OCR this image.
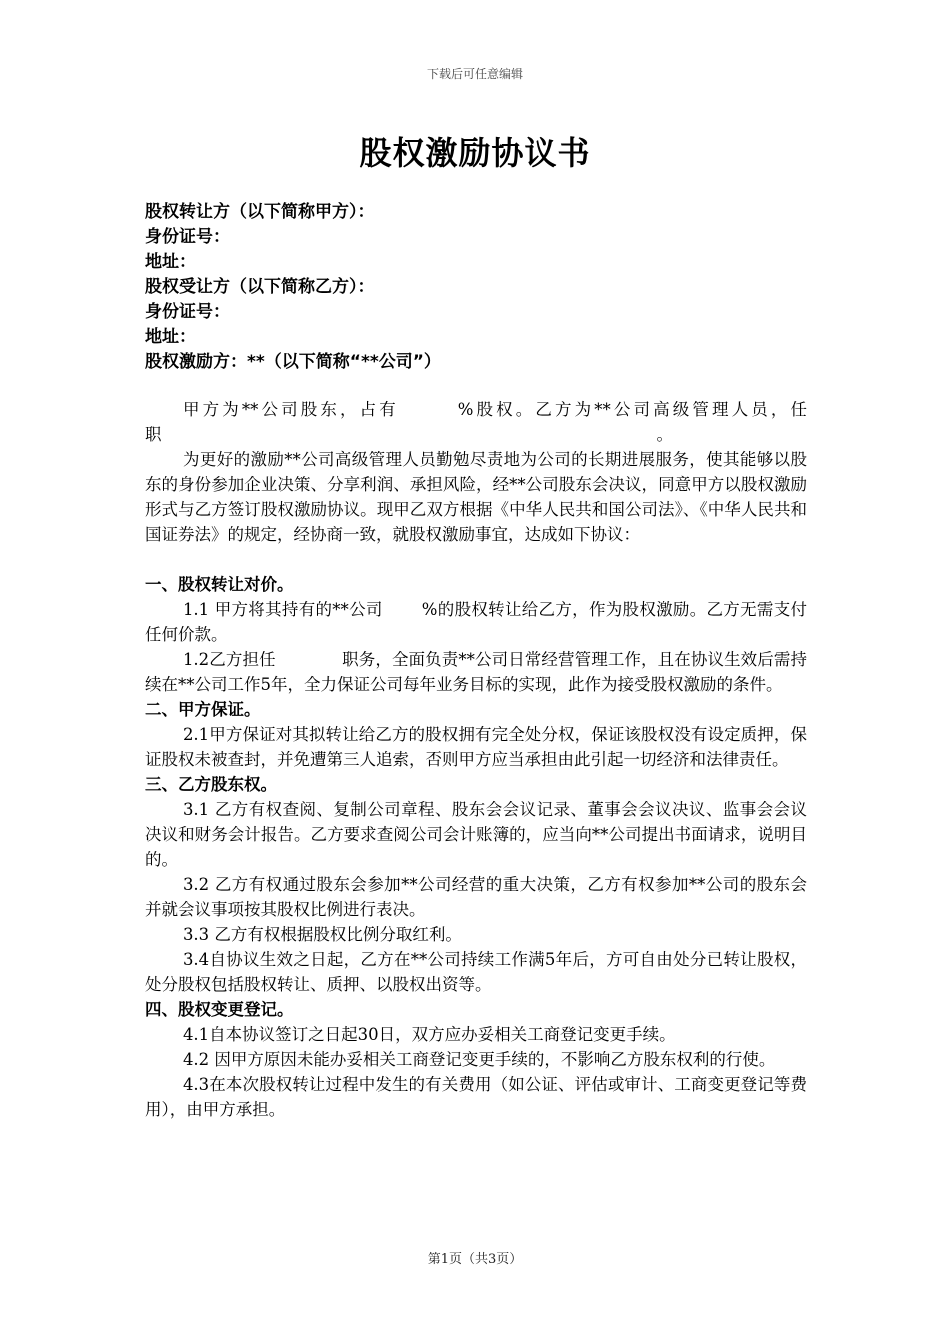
下载后可任意编辑
股权激励协议书
股权转让方（以下简称甲方）：
身份证号：
地址：
股权受让方（以下简称乙方）：
身份证号：
地址：
股权激励方：**（以下简称“**公司”）

甲方为**公司股东，占有　　　%股权。乙方为**公司高级管理人员，任职　　　　　　　　　　　　　　　　　　　　　　　　　　　　　　。

为更好的激励**公司高级管理人员勤勉尽责地为公司的长期进展服务，使其能够以股东的身份参加企业决策、分享利润、承担风险，经**公司股东会决议，同意甲方以股权激励形式与乙方签订股权激励协议。现甲乙双方根据《中华人民共和国公司法》、《中华人民共和国证券法》的规定，经协商一致，就股权激励事宜，达成如下协议：

一、股权转让对价。

1.1 甲方将其持有的**公司　　 %的股权转让给乙方，作为股权激励。乙方无需支付任何价款。

1.2乙方担任　　　　职务，全面负责**公司日常经营管理工作，且在协议生效后需持续在**公司工作5年，全力保证公司每年业务目标的实现，此作为接受股权激励的条件。

二、甲方保证。

2.1甲方保证对其拟转让给乙方的股权拥有完全处分权，保证该股权没有设定质押，保证股权未被查封，并免遭第三人追索，否则甲方应当承担由此引起一切经济和法律责任。

三、乙方股东权。

3.1 乙方有权查阅、复制公司章程、股东会会议记录、董事会会议决议、监事会会议决议和财务会计报告。乙方要求查阅公司会计账簿的，应当向**公司提出书面请求，说明目的。

3.2 乙方有权通过股东会参加**公司经营的重大决策，乙方有权参加**公司的股东会并就会议事项按其股权比例进行表决。

3.3 乙方有权根据股权比例分取红利。

3.4自协议生效之日起，乙方在**公司持续工作满5年后，方可自由处分已转让股权，处分股权包括股权转让、质押、以股权出资等。

四、股权变更登记。

4.1自本协议签订之日起30日，双方应办妥相关工商登记变更手续。

4.2 因甲方原因未能办妥相关工商登记变更手续的，不影响乙方股东权利的行使。

4.3在本次股权转让过程中发生的有关费用（如公证、评估或审计、工商变更登记等费用），由甲方承担。

第1页（共3页）
